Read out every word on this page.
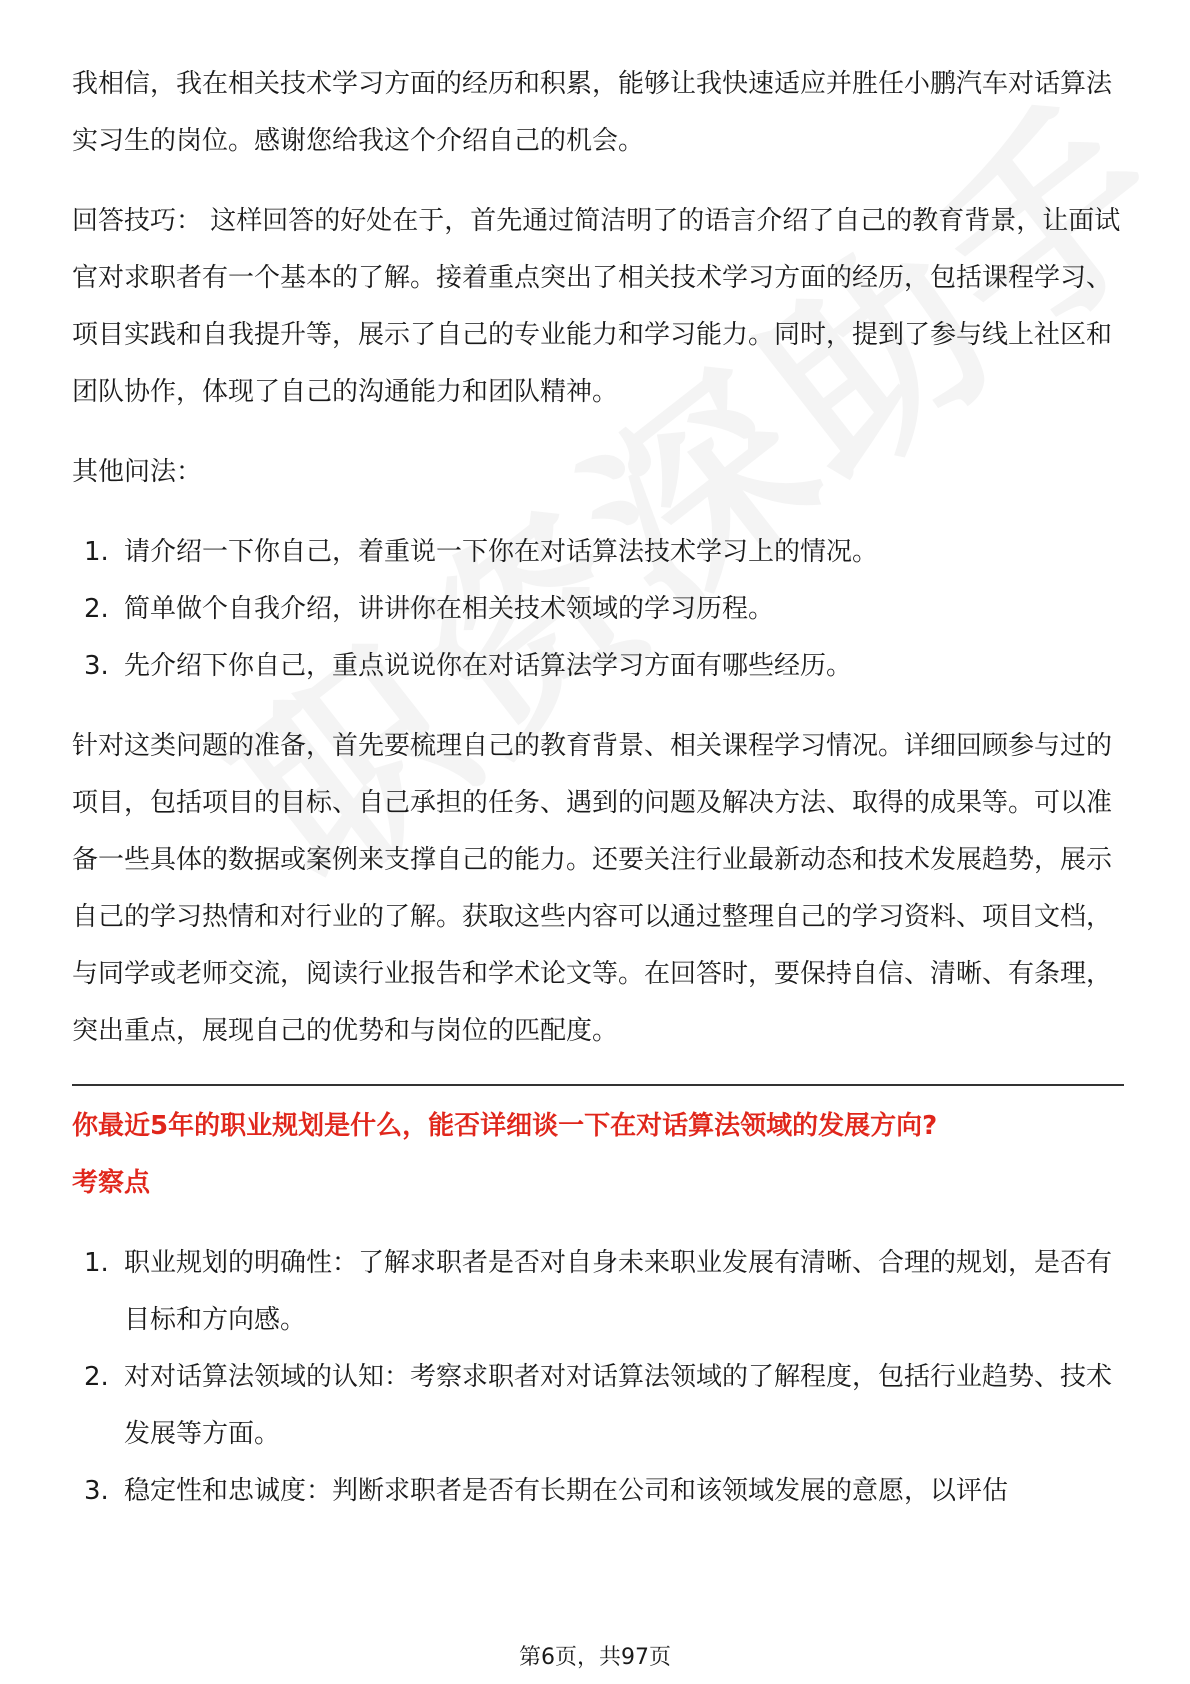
我相信，我在相关技术学习方面的经历和积累，能够让我快速适应并胜任小鹏汽车对话算法实习生的岗位。感谢您给我这个介绍自己的机会。

回答技巧： 这样回答的好处在于，首先通过简洁明了的语言介绍了自己的教育背景，让面试官对求职者有一个基本的了解。接着重点突出了相关技术学习方面的经历，包括课程学习、项目实践和自我提升等，展示了自己的专业能力和学习能力。同时，提到了参与线上社区和团队协作，体现了自己的沟通能力和团队精神。

其他问法：

1. 请介绍一下你自己，着重说一下你在对话算法技术学习上的情况。
2. 简单做个自我介绍，讲讲你在相关技术领域的学习历程。
3. 先介绍下你自己，重点说说你在对话算法学习方面有哪些经历。

针对这类问题的准备，首先要梳理自己的教育背景、相关课程学习情况。详细回顾参与过的项目，包括项目的目标、自己承担的任务、遇到的问题及解决方法、取得的成果等。可以准备一些具体的数据或案例来支撑自己的能力。还要关注行业最新动态和技术发展趋势，展示自己的学习热情和对行业的了解。获取这些内容可以通过整理自己的学习资料、项目文档，与同学或老师交流，阅读行业报告和学术论文等。在回答时，要保持自信、清晰、有条理，突出重点，展现自己的优势和与岗位的匹配度。

你最近5年的职业规划是什么，能否详细谈一下在对话算法领域的发展方向?

考察点

1. 职业规划的明确性：了解求职者是否对自身未来职业发展有清晰、合理的规划，是否有目标和方向感。
2. 对对话算法领域的认知：考察求职者对对话算法领域的了解程度，包括行业趋势、技术发展等方面。
3. 稳定性和忠诚度：判断求职者是否有长期在公司和该领域发展的意愿，以评估
第6页，共97页
